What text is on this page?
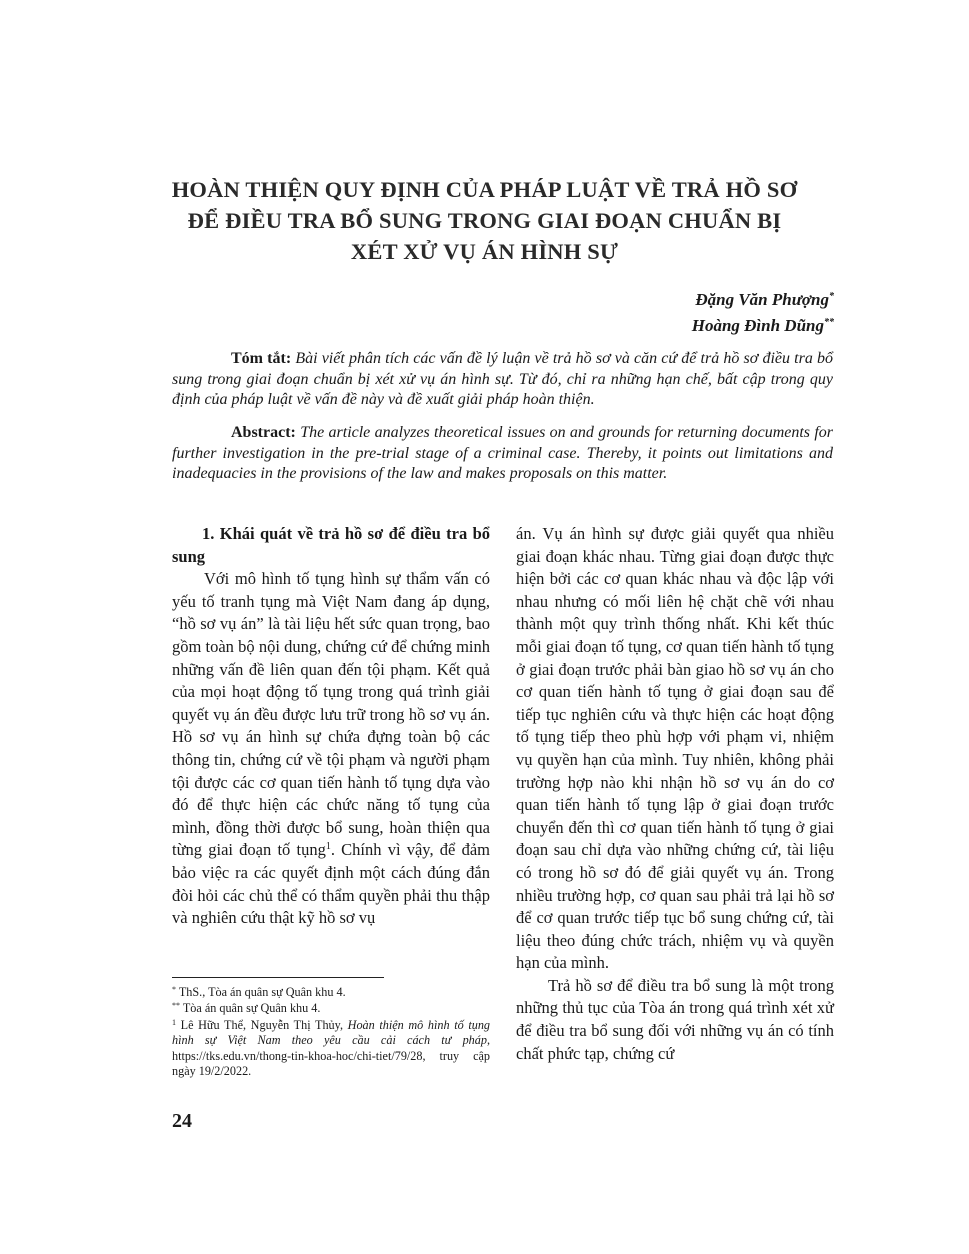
HOÀN THIỆN QUY ĐỊNH CỦA PHÁP LUẬT VỀ TRẢ HỒ SƠ
ĐỂ ĐIỀU TRA BỔ SUNG TRONG GIAI ĐOẠN CHUẨN BỊ
XÉT XỬ VỤ ÁN HÌNH SỰ
Đặng Văn Phượng*
Hoàng Đình Dũng**
Tóm tắt: Bài viết phân tích các vấn đề lý luận về trả hồ sơ và căn cứ để trả hồ sơ điều tra bổ sung trong giai đoạn chuẩn bị xét xử vụ án hình sự. Từ đó, chỉ ra những hạn chế, bất cập trong quy định của pháp luật về vấn đề này và đề xuất giải pháp hoàn thiện.
Abstract: The article analyzes theoretical issues on and grounds for returning documents for further investigation in the pre-trial stage of a criminal case. Thereby, it points out limitations and inadequacies in the provisions of the law and makes proposals on this matter.

1. Khái quát về trả hồ sơ để điều tra bổ sung

Với mô hình tố tụng hình sự thẩm vấn có yếu tố tranh tụng mà Việt Nam đang áp dụng, “hồ sơ vụ án” là tài liệu hết sức quan trọng, bao gồm toàn bộ nội dung, chứng cứ để chứng minh những vấn đề liên quan đến tội phạm. Kết quả của mọi hoạt động tố tụng trong quá trình giải quyết vụ án đều được lưu trữ trong hồ sơ vụ án. Hồ sơ vụ án hình sự chứa đựng toàn bộ các thông tin, chứng cứ về tội phạm và người phạm tội được các cơ quan tiến hành tố tụng dựa vào đó để thực hiện các chức năng tố tụng của mình, đồng thời được bổ sung, hoàn thiện qua từng giai đoạn tố tụng$^1$. Chính vì vậy, để đảm bảo việc ra các quyết định một cách đúng đắn đòi hỏi các chủ thể có thẩm quyền phải thu thập và nghiên cứu thật kỹ hồ sơ vụ

án. Vụ án hình sự được giải quyết qua nhiều giai đoạn khác nhau. Từng giai đoạn được thực hiện bởi các cơ quan khác nhau và độc lập với nhau nhưng có mối liên hệ chặt chẽ với nhau thành một quy trình thống nhất. Khi kết thúc mỗi giai đoạn tố tụng, cơ quan tiến hành tố tụng ở giai đoạn trước phải bàn giao hồ sơ vụ án cho cơ quan tiến hành tố tụng ở giai đoạn sau để tiếp tục nghiên cứu và thực hiện các hoạt động tố tụng tiếp theo phù hợp với phạm vi, nhiệm vụ quyền hạn của mình. Tuy nhiên, không phải trường hợp nào khi nhận hồ sơ vụ án do cơ quan tiến hành tố tụng lập ở giai đoạn trước chuyển đến thì cơ quan tiến hành tố tụng ở giai đoạn sau chỉ dựa vào những chứng cứ, tài liệu có trong hồ sơ đó để giải quyết vụ án. Trong nhiều trường hợp, cơ quan sau phải trả lại hồ sơ để cơ quan trước tiếp tục bổ sung chứng cứ, tài liệu theo đúng chức trách, nhiệm vụ và quyền hạn của mình.

Trả hồ sơ để điều tra bổ sung là một trong những thủ tục của Tòa án trong quá trình xét xử để điều tra bổ sung đối với những vụ án có tính chất phức tạp, chứng cứ

* ThS., Tòa án quân sự Quân khu 4.

** Tòa án quân sự Quân khu 4.

$^1$ Lê Hữu Thể, Nguyễn Thị Thủy, Hoàn thiện mô hình tố tụng hình sự Việt Nam theo yêu cầu cải cách tư pháp, https://tks.edu.vn/thong-tin-khoa-hoc/chi-tiet/79/28, truy cập ngày 19/2/2022.

24
